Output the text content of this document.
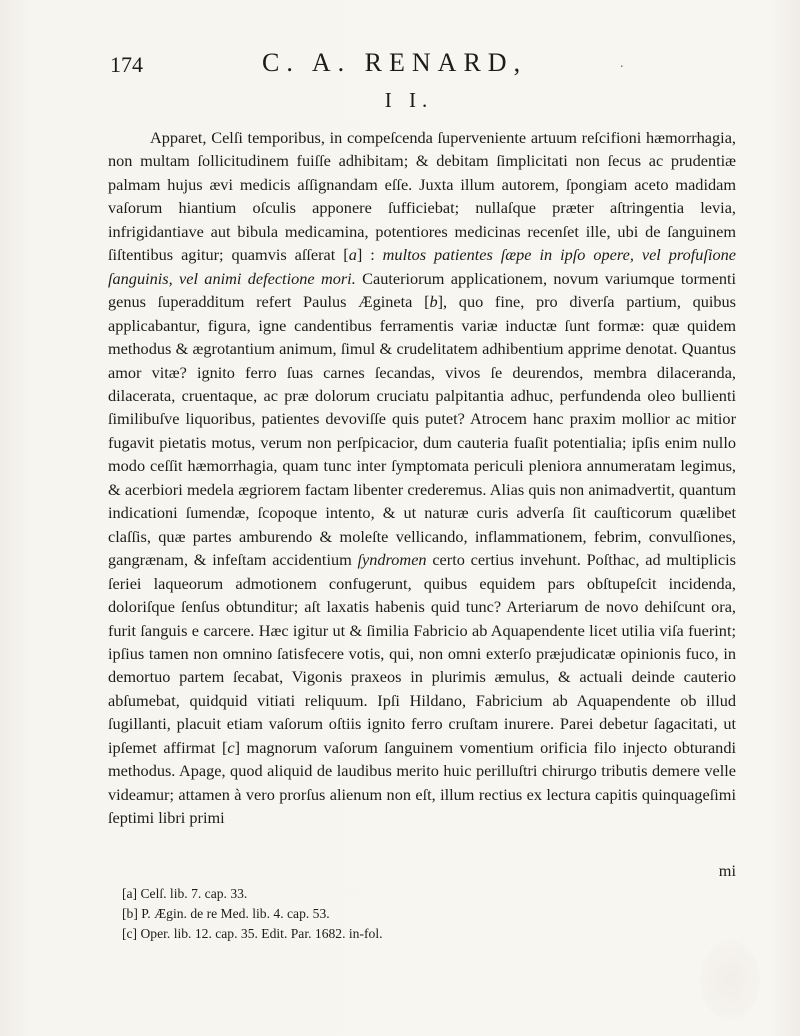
174	C. A. RENARD,	.
I I.

Apparet, Celſi temporibus, in compeſcenda ſuperveniente artuum reſcifioni hæmorrhagia, non multam ſollicitudinem fuiſſe adhibitam; & debitam ſimplicitati non ſecus ac prudentiæ palmam hujus ævi medicis aſſignandam eſſe. Juxta illum autorem, ſpongiam aceto madidam vaſorum hiantium oſculis apponere ſufficiebat; nullaſque præter aſtringentia levia, infrigidantiave aut bibula medicamina, potentiores medicinas recenſet ille, ubi de ſanguinem ſiſtentibus agitur; quamvis aſſerat [a] : multos patientes ſæpe in ipſo opere, vel profuſione ſanguinis, vel animi defectione mori. Cauteriorum applicationem, novum variumque tormenti genus ſuperadditum refert Paulus Æginetа [b], quo fine, pro diverſa partium, quibus applicabantur, figura, igne candentibus ferramentis variæ inductæ ſunt formæ: quæ quidem methodus & ægrotantium animum, ſimul & crudelitatem adhibentium apprime denotat. Quantus amor vitæ? ignito ferro ſuas carnes ſecandas, vivos ſe deurendos, membra dilaceranda, dilacerata, cruentaque, ac præ dolorum cruciatu palpitantia adhuc, perfundenda oleo bullienti ſimilibuſve liquoribus, patientes devoviſſe quis putet? Atrocem hanc praxim mollior ac mitior fugavit pietatis motus, verum non perſpicacior, dum cauteria fuaſit potentialia; ipſis enim nullo modo ceſſit hæmorrhagia, quam tunc inter ſymptomata periculi pleniora annumeratam legimus, & acerbiori medela ægriorem factam libenter crederemus. Alias quis non animadvertit, quantum indicationi ſumendæ, ſcopoque intento, & ut naturæ curis adverſa ſit cauſticorum quælibet claſſis, quæ partes amburendo & moleſte vellicando, inflammationem, febrim, convulſiones, gangrænam, & infeſtam accidentium ſyndromen certo certius invehunt. Poſthac, ad multiplicis ſeriei laqueorum admotionem confugerunt, quibus equidem pars obſtupeſcit incidenda, doloriſque ſenſus obtunditur; aſt laxatis habenis quid tunc? Arteriarum de novo dehiſcunt ora, furit ſanguis e carcere. Hæc igitur ut & ſimilia Fabricio ab Aquapendente licet utilia viſa fuerint; ipſius tamen non omnino ſatisfecere votis, qui, non omni exterſo præjudicatæ opinionis fuco, in demortuo partem ſecabat, Vigonis praxeos in plurimis æmulus, & actuali deinde cauterio abſumebat, quidquid vitiati reliquum. Ipſi Hildano, Fabricium ab Aquapendente ob illud ſugillanti, placuit etiam vaſorum oſtiis ignito ferro cruſtam inurere. Parei debetur ſagacitati, ut ipſemet affirmat [c] magnorum vaſorum ſanguinem vomentium orificia filo injecto obturandi methodus. Apage, quod aliquid de laudibus merito huic perilluſtri chirurgo tributis demere velle videamur; attamen à vero prorſus alienum non eſt, illum rectius ex lectura capitis quinquageſimi ſeptimi libri primi

mi
[a] Celſ. lib. 7. cap. 33.
[b] P. Ægin. de re Med. lib. 4. cap. 53.
[c] Oper. lib. 12. cap. 35. Edit. Par. 1682. in-fol.
